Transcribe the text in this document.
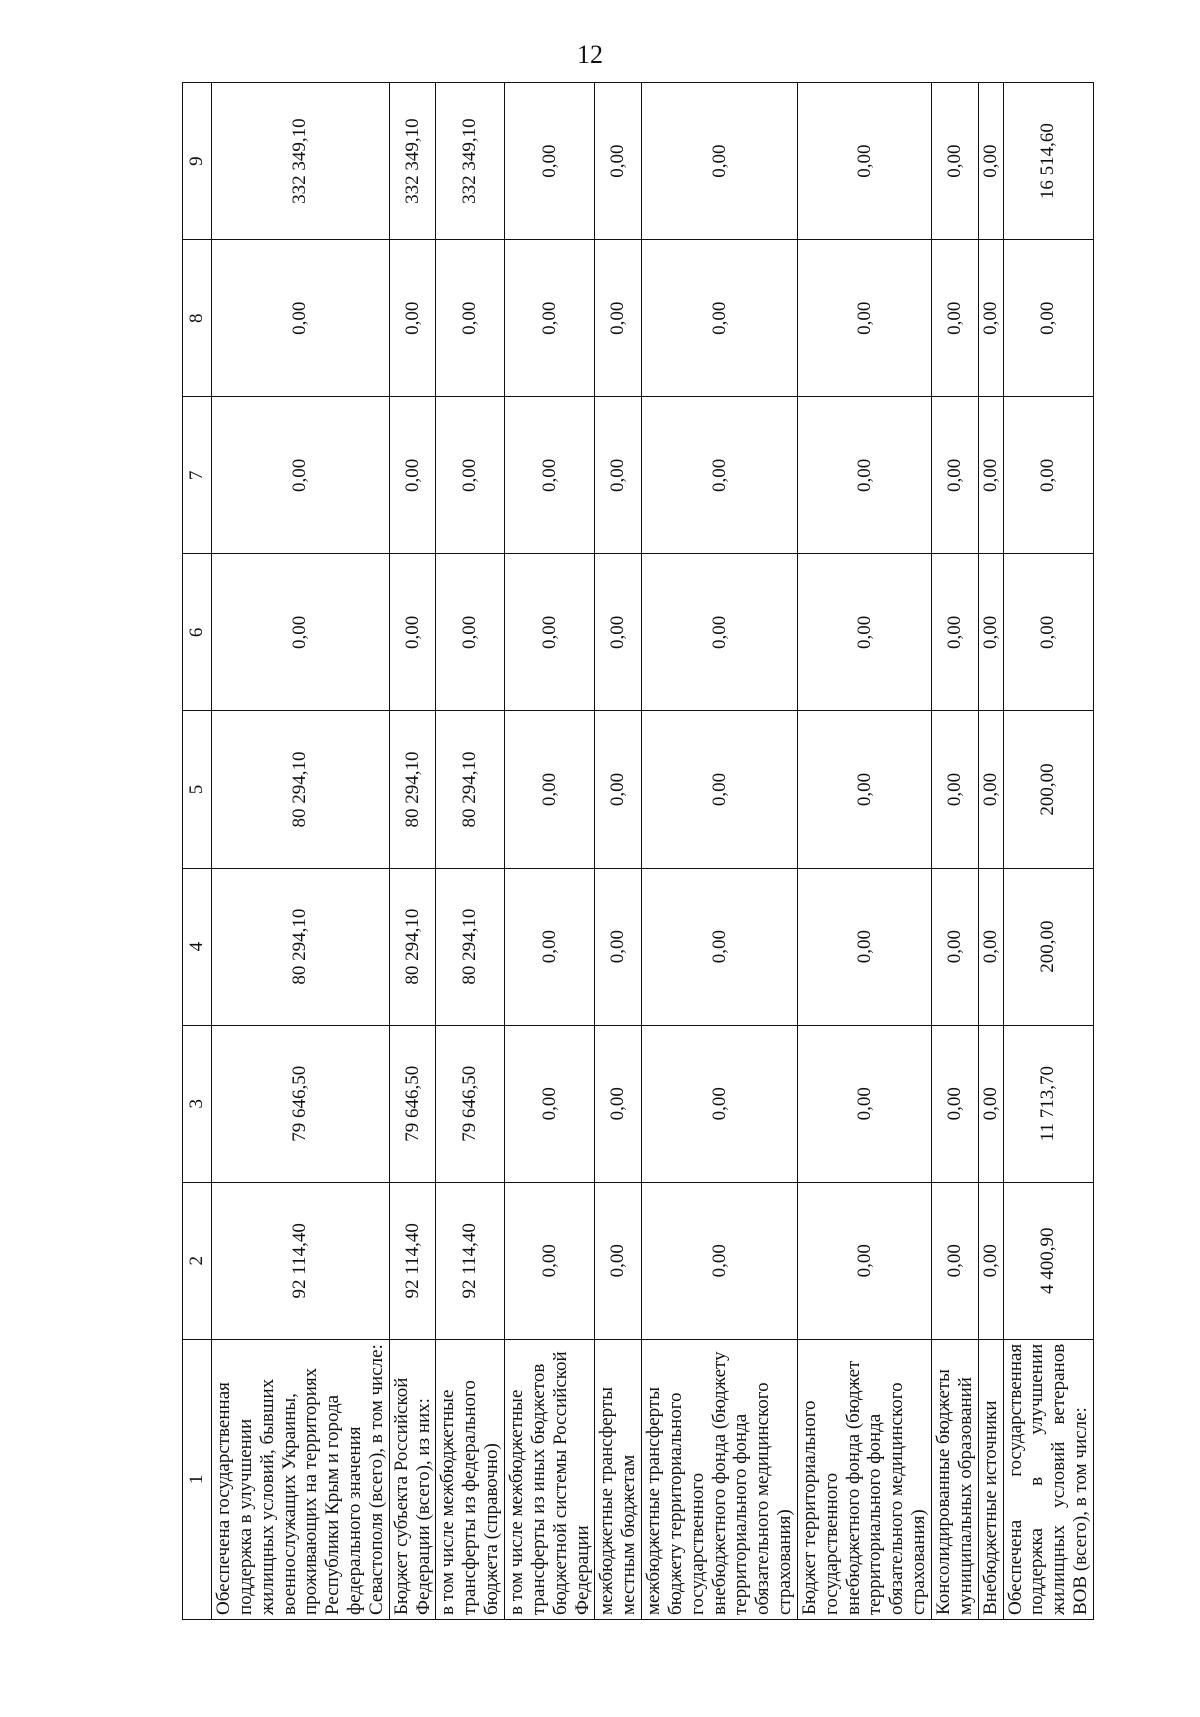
12
1	2	3	4	5	6	7	8	9
Обеспечена государственная поддержка в улучшении жилищных условий, бывших военнослужащих Украины, проживающих на территориях Республики Крым и города федерального значения Севастополя (всего), в том числе:	92 114,40	79 646,50	80 294,10	80 294,10	0,00	0,00	0,00	332 349,10
Бюджет субъекта Российской Федерации (всего), из них:	92 114,40	79 646,50	80 294,10	80 294,10	0,00	0,00	0,00	332 349,10
в том числе межбюджетные трансферты из федерального бюджета (справочно)	92 114,40	79 646,50	80 294,10	80 294,10	0,00	0,00	0,00	332 349,10
в том числе межбюджетные трансферты из иных бюджетов бюджетной системы Российской Федерации	0,00	0,00	0,00	0,00	0,00	0,00	0,00	0,00
межбюджетные трансферты местным бюджетам	0,00	0,00	0,00	0,00	0,00	0,00	0,00	0,00
межбюджетные трансферты бюджету территориального государственного внебюджетного фонда (бюджету территориального фонда обязательного медицинского страхования)	0,00	0,00	0,00	0,00	0,00	0,00	0,00	0,00
Бюджет территориального государственного внебюджетного фонда (бюджет территориального фонда обязательного медицинского страхования)	0,00	0,00	0,00	0,00	0,00	0,00	0,00	0,00
Консолидированные бюджеты муниципальных образований	0,00	0,00	0,00	0,00	0,00	0,00	0,00	0,00
Внебюджетные источники	0,00	0,00	0,00	0,00	0,00	0,00	0,00	0,00
Обеспечена государственная поддержка в улучшении жилищных условий ветеранов ВОВ (всего), в том числе:	4 400,90	11 713,70	200,00	200,00	0,00	0,00	0,00	16 514,60
